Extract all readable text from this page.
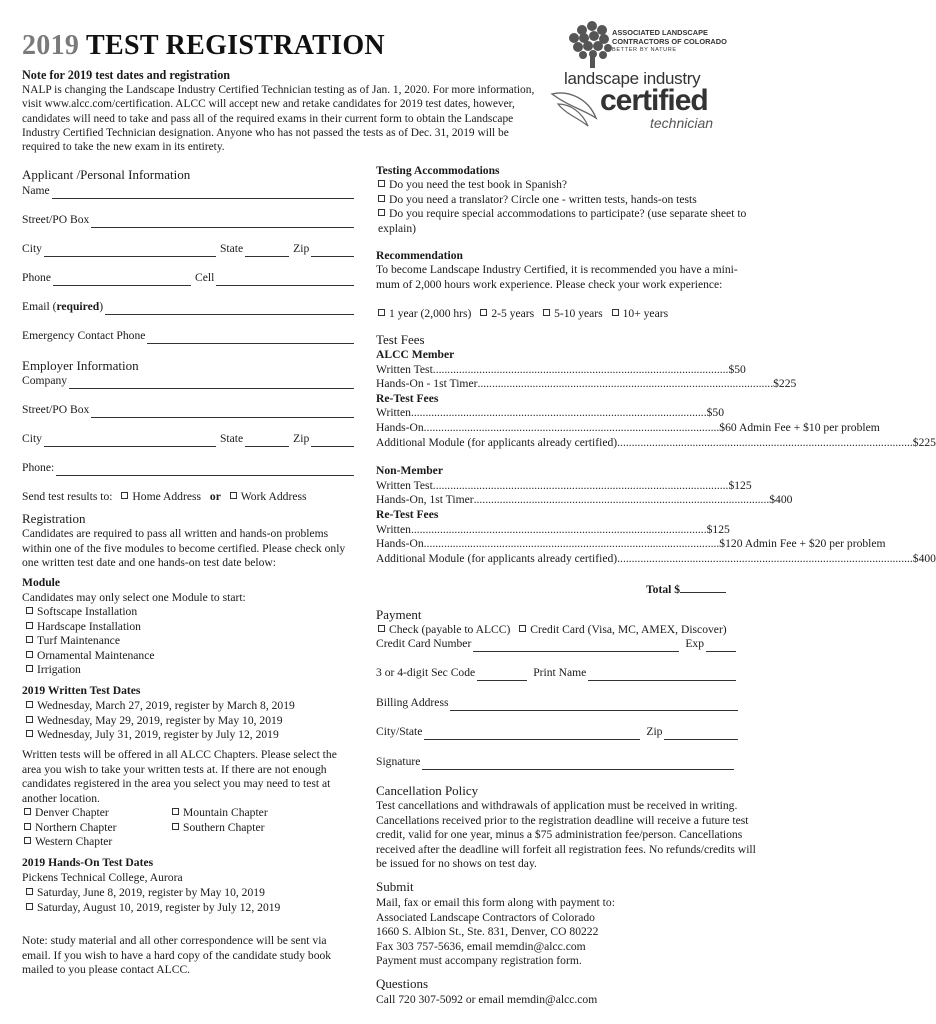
2019 TEST REGISTRATION
Note for 2019 test dates and registration
NALP is changing the Landscape Industry Certified Technician testing as of Jan. 1, 2020. For more information, visit www.alcc.com/certification. ALCC will accept new and retake candidates for 2019 test dates, however, candidates will need to take and pass all of the required exams in their current form to obtain the Landscape Industry Certified Technician designation. Anyone who has not passed the tests as of Dec. 31, 2019 will be required to take the new exam in its entirety.
ASSOCIATED LANDSCAPE
CONTRACTORS OF COLORADO
BETTER BY NATURE
landscape industry
certified
technician
Applicant /Personal Information
Name
Street/PO Box
City	State	Zip
Phone	Cell
Email ( required )
Emergency Contact Phone
Employer Information
Company
Street/PO Box
City	State	Zip
Phone:
Send test results to: Home Address or Work Address
Registration
Candidates are required to pass all written and hands-on problems within one of the five modules to become certified. Please check only one written test date and one hands-on test date below:
Module
Candidates may only select one Module to start:
Softscape Installation
Hardscape Installation
Turf Maintenance
Ornamental Maintenance
Irrigation
2019 Written Test Dates
Wednesday, March 27, 2019, register by March 8, 2019
Wednesday, May 29, 2019, register by May 10, 2019
Wednesday, July 31, 2019, register by July 12, 2019
Written tests will be offered in all ALCC Chapters. Please select the area you wish to take your written tests at. If there are not enough candidates registered in the area you select you may need to test at another location.
Denver Chapter	Mountain Chapter
Northern Chapter	Southern Chapter
Western Chapter
2019 Hands-On Test Dates
Pickens Technical College, Aurora
Saturday, June 8, 2019, register by May 10, 2019
Saturday, August 10, 2019, register by July 12, 2019
Note: study material and all other correspondence will be sent via email. If you wish to have a hard copy of the candidate study book mailed to you please contact ALCC.
Testing Accommodations
Do you need the test book in Spanish?
Do you need a translator? Circle one - written tests, hands-on tests
Do you require special accommodations to participate? (use separate sheet to explain)
Recommendation
To become Landscape Industry Certified, it is recommended you have a mini-mum of 2,000 hours work experience. Please check your work experience:
1 year (2,000 hrs) 2-5 years 5-10 years 10+ years
Test Fees
ALCC Member
Written Test ...................................................................................................... $50
Hands-On - 1st Timer ...................................................................................................... $225
Re-Test Fees
Written ...................................................................................................... $50
Hands-On ...................................................................................................... $60 Admin Fee + $10 per problem
Additional Module (for applicants already certified) ...................................................................................................... $225
Non-Member
Written Test ...................................................................................................... $125
Hands-On, 1st Timer ...................................................................................................... $400
Re-Test Fees
Written ...................................................................................................... $125
Hands-On ...................................................................................................... $120 Admin Fee + $20 per problem
Additional Module (for applicants already certified) ...................................................................................................... $400
Total $
Payment
Check (payable to ALCC) Credit Card (Visa, MC, AMEX, Discover)
Credit Card Number	Exp
3 or 4-digit Sec Code	Print Name
Billing Address
City/State	Zip
Signature
Cancellation Policy
Test cancellations and withdrawals of application must be received in writing. Cancellations received prior to the registration deadline will receive a future test credit, valid for one year, minus a $75 administration fee/person. Cancellations received after the deadline will forfeit all registration fees. No refunds/credits will be issued for no shows on test day.
Submit
Mail, fax or email this form along with payment to:
Associated Landscape Contractors of Colorado
1660 S. Albion St., Ste. 831, Denver, CO 80222
Fax 303 757-5636, email memdin@alcc.com
Payment must accompany registration form.
Questions
Call 720 307-5092 or email memdin@alcc.com
